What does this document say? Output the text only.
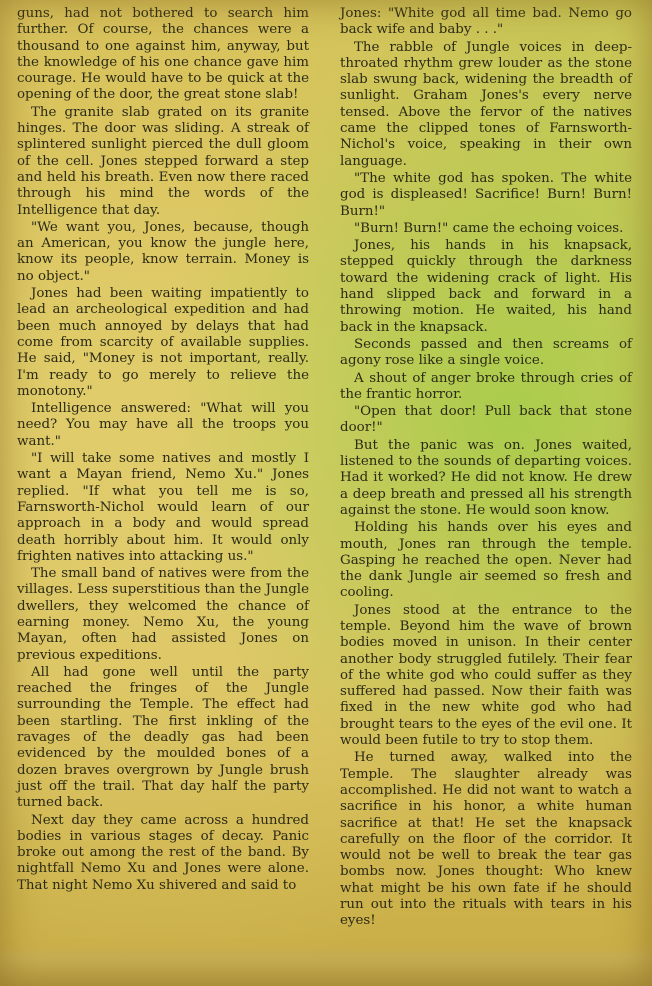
guns, had not bothered to search him further. Of course, the chances were a thousand to one against him, anyway, but the knowledge of his one chance gave him courage. He would have to be quick at the opening of the door, the great stone slab!

The granite slab grated on its granite hinges. The door was sliding. A streak of splintered sunlight pierced the dull gloom of the cell. Jones stepped forward a step and held his breath. Even now there raced through his mind the words of the Intelligence that day.

"We want you, Jones, because, though an American, you know the jungle here, know its people, know terrain. Money is no object."

Jones had been waiting impatiently to lead an archeological expedition and had been much annoyed by delays that had come from scarcity of available supplies. He said, "Money is not important, really. I'm ready to go merely to relieve the monotony."

Intelligence answered: "What will you need? You may have all the troops you want."

"I will take some natives and mostly I want a Mayan friend, Nemo Xu." Jones replied. "If what you tell me is so, Farnsworth-Nichol would learn of our approach in a body and would spread death horribly about him. It would only frighten natives into attacking us."

The small band of natives were from the villages. Less superstitious than the Jungle dwellers, they welcomed the chance of earning money. Nemo Xu, the young Mayan, often had assisted Jones on previous expeditions.

All had gone well until the party reached the fringes of the Jungle surrounding the Temple. The effect had been startling. The first inkling of the ravages of the deadly gas had been evidenced by the moulded bones of a dozen braves overgrown by Jungle brush just off the trail. That day half the party turned back.

Next day they came across a hundred bodies in various stages of decay. Panic broke out among the rest of the band. By nightfall Nemo Xu and Jones were alone. That night Nemo Xu shivered and said to

Jones: "White god all time bad. Nemo go back wife and baby . . ."

The rabble of Jungle voices in deep-throated rhythm grew louder as the stone slab swung back, widening the breadth of sunlight. Graham Jones's every nerve tensed. Above the fervor of the natives came the clipped tones of Farnsworth-Nichol's voice, speaking in their own language.

"The white god has spoken. The white god is displeased! Sacrifice! Burn! Burn! Burn!"

"Burn! Burn!" came the echoing voices.

Jones, his hands in his knapsack, stepped quickly through the darkness toward the widening crack of light. His hand slipped back and forward in a throwing motion. He waited, his hand back in the knapsack.

Seconds passed and then screams of agony rose like a single voice.

A shout of anger broke through cries of the frantic horror.

"Open that door! Pull back that stone door!"

But the panic was on. Jones waited, listened to the sounds of departing voices. Had it worked? He did not know. He drew a deep breath and pressed all his strength against the stone. He would soon know.

Holding his hands over his eyes and mouth, Jones ran through the temple. Gasping he reached the open. Never had the dank Jungle air seemed so fresh and cooling.

Jones stood at the entrance to the temple. Beyond him the wave of brown bodies moved in unison. In their center another body struggled futilely. Their fear of the white god who could suffer as they suffered had passed. Now their faith was fixed in the new white god who had brought tears to the eyes of the evil one. It would been futile to try to stop them.

He turned away, walked into the Temple. The slaughter already was accomplished. He did not want to watch a sacrifice in his honor, a white human sacrifice at that! He set the knapsack carefully on the floor of the corridor. It would not be well to break the tear gas bombs now. Jones thought: Who knew what might be his own fate if he should run out into the rituals with tears in his eyes!
